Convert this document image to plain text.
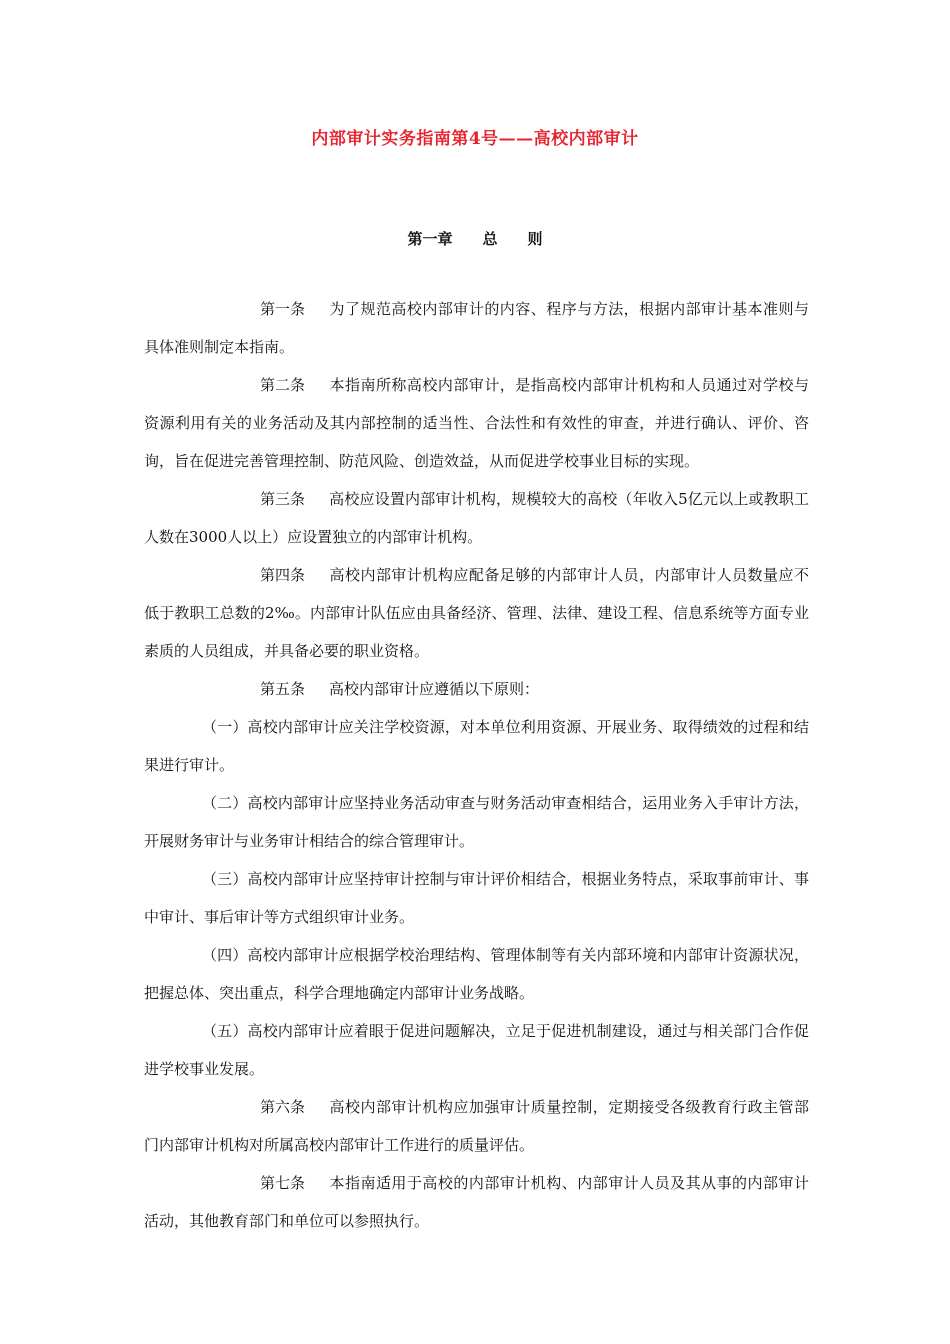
内部审计实务指南第4号——高校内部审计
第一章　　总　　则

第一条 为了规范高校内部审计的内容、程序与方法，根据内部审计基本准则与具体准则制定本指南。

第二条 本指南所称高校内部审计，是指高校内部审计机构和人员通过对学校与资源利用有关的业务活动及其内部控制的适当性、合法性和有效性的审查，并进行确认、评价、咨询，旨在促进完善管理控制、防范风险、创造效益，从而促进学校事业目标的实现。

第三条 高校应设置内部审计机构，规模较大的高校（年收入5亿元以上或教职工人数在3000人以上）应设置独立的内部审计机构。

第四条 高校内部审计机构应配备足够的内部审计人员，内部审计人员数量应不低于教职工总数的2‰。内部审计队伍应由具备经济、管理、法律、建设工程、信息系统等方面专业素质的人员组成，并具备必要的职业资格。

第五条 高校内部审计应遵循以下原则：

（一）高校内部审计应关注学校资源，对本单位利用资源、开展业务、取得绩效的过程和结果进行审计。

（二）高校内部审计应坚持业务活动审查与财务活动审查相结合，运用业务入手审计方法，开展财务审计与业务审计相结合的综合管理审计。

（三）高校内部审计应坚持审计控制与审计评价相结合，根据业务特点，采取事前审计、事中审计、事后审计等方式组织审计业务。

（四）高校内部审计应根据学校治理结构、管理体制等有关内部环境和内部审计资源状况，把握总体、突出重点，科学合理地确定内部审计业务战略。

（五）高校内部审计应着眼于促进问题解决，立足于促进机制建设，通过与相关部门合作促进学校事业发展。

第六条 高校内部审计机构应加强审计质量控制，定期接受各级教育行政主管部门内部审计机构对所属高校内部审计工作进行的质量评估。

第七条 本指南适用于高校的内部审计机构、内部审计人员及其从事的内部审计活动，其他教育部门和单位可以参照执行。
